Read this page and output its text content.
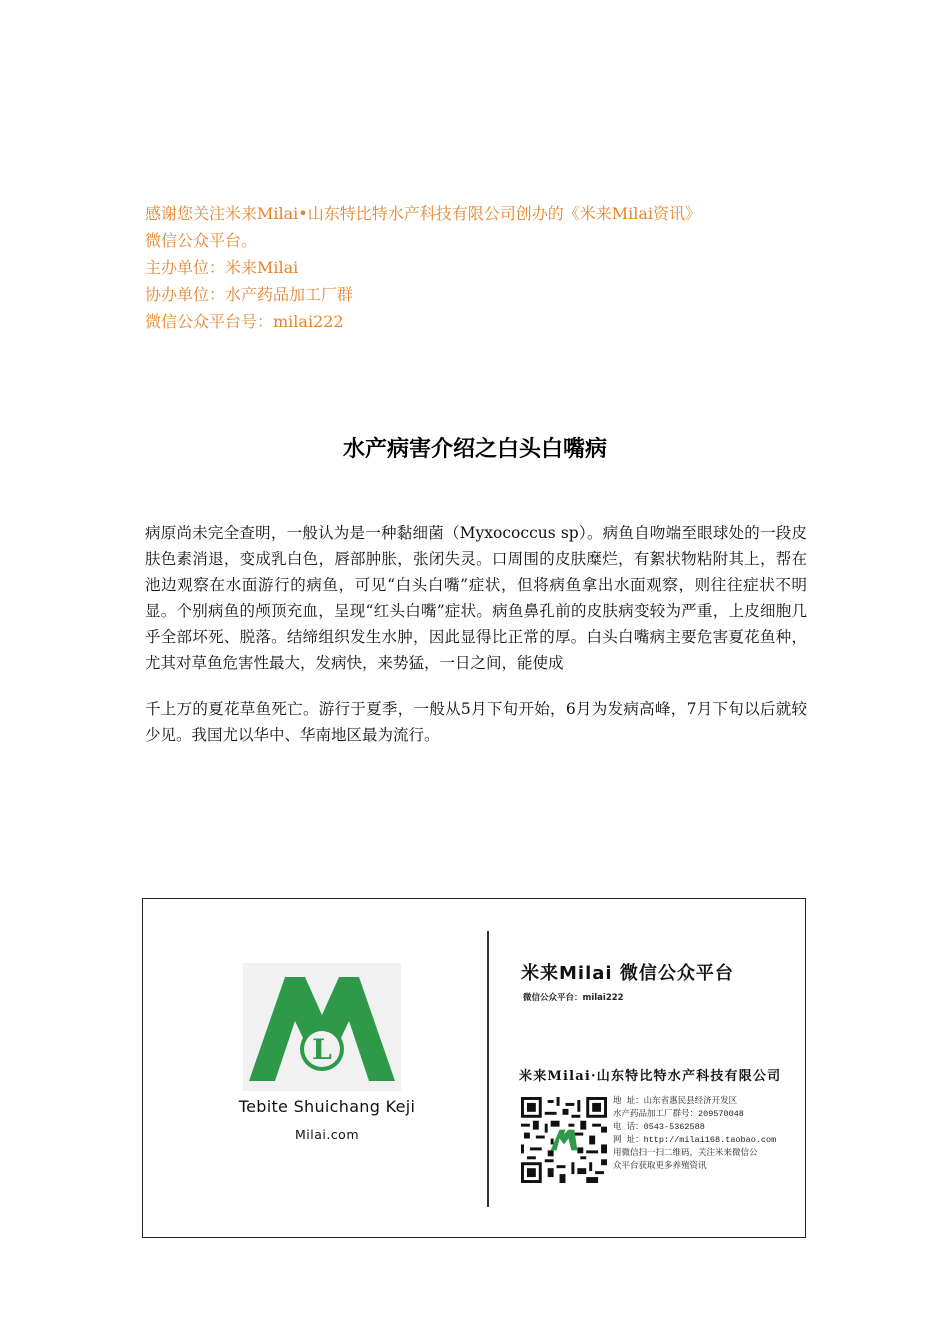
感谢您关注米来Milai•山东特比特水产科技有限公司创办的《米来Milai资讯》

微信公众平台。

主办单位：米来Milai

协办单位：水产药品加工厂群

微信公众平台号：milai222

水产病害介绍之白头白嘴病

病原尚未完全查明，一般认为是一种黏细菌（Myxococcus sp）。病鱼自吻端至眼球处的一段皮肤色素消退，变成乳白色，唇部肿胀，张闭失灵。口周围的皮肤糜烂，有絮状物粘附其上，帮在池边观察在水面游行的病鱼，可见“白头白嘴”症状，但将病鱼拿出水面观察，则往往症状不明显。个别病鱼的颅顶充血，呈现“红头白嘴”症状。病鱼鼻孔前的皮肤病变较为严重，上皮细胞几乎全部坏死、脱落。结缔组织发生水肿，因此显得比正常的厚。白头白嘴病主要危害夏花鱼种，尤其对草鱼危害性最大，发病快，来势猛，一日之间，能使成

千上万的夏花草鱼死亡。游行于夏季，一般从5月下旬开始，6月为发病高峰，7月下旬以后就较少见。我国尤以华中、华南地区最为流行。

L
Tebite Shuichang Keji
Milai.com
米来Milai 微信公众平台
微信公众平台：milai222
米来Milai·山东特比特水产科技有限公司
地 址：山东省惠民县经济开发区
水产药品加工厂群号：209570048
电 话：0543-5362588
网 址：http://milai168.taobao.com
用微信扫一扫二维码，关注米来微信公
众平台获取更多养殖资讯
